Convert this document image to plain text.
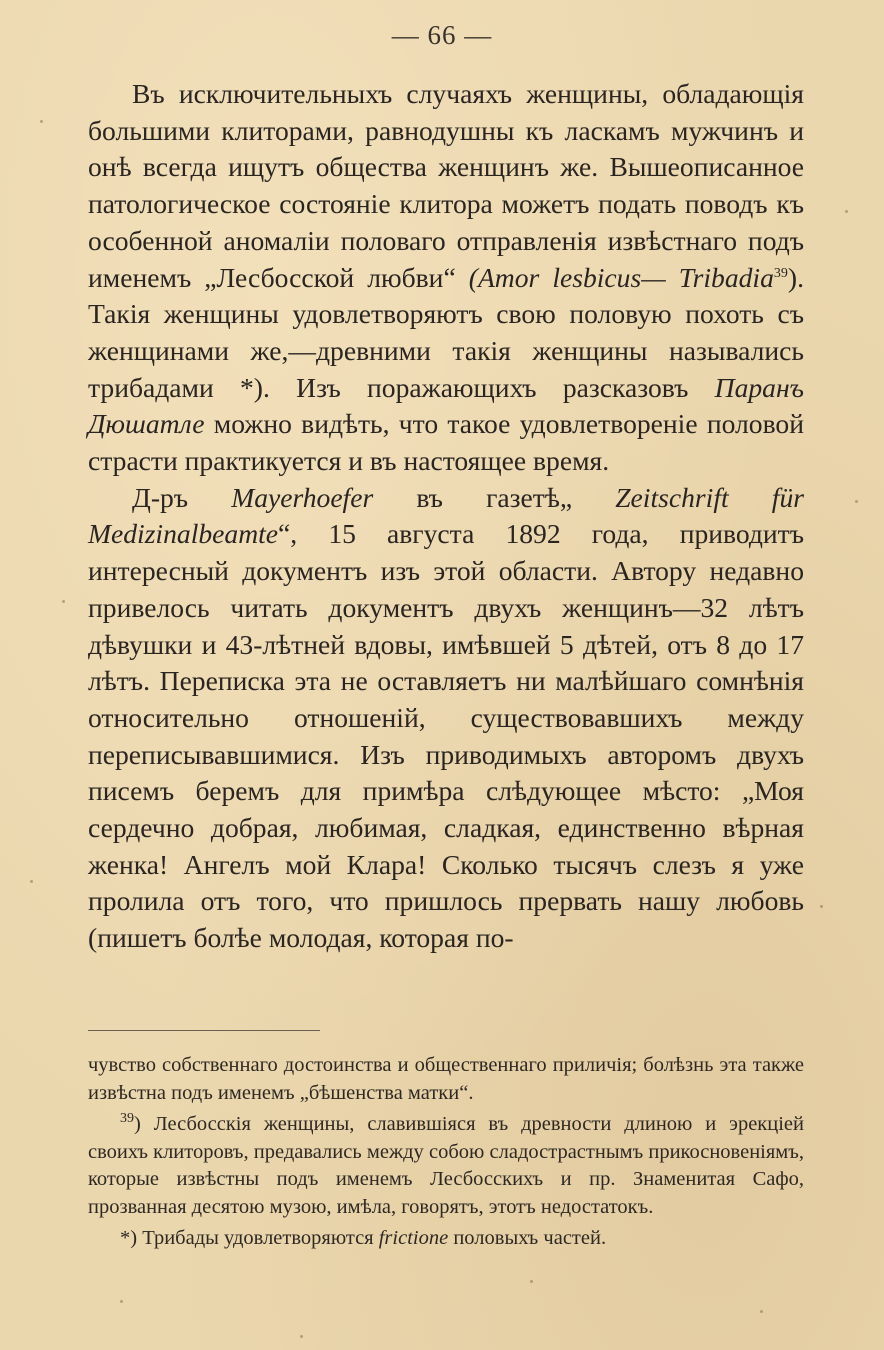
— 66 —

Въ исключительныхъ случаяхъ женщины, обладающія большими клиторами, равнодушны къ ласкамъ мужчинъ и онѣ всегда ищутъ общества женщинъ же. Вышеописанное патологическое состояніе клитора можетъ подать поводъ къ особенной аномаліи половаго отправленія извѣстнаго подъ именемъ „Лесбосской любви“ (Amor lesbicus— Tribadia$^{39}$). Такія женщины удовлетворяютъ свою половую похоть съ женщинами же,—древними такія женщины назывались трибадами *). Изъ поражающихъ разсказовъ Паранъ Дюшатле можно видѣть, что такое удовлетвореніе половой страсти практикуется и въ настоящее время.

Д-ръ Mayerhoefer въ газетѣ„ Zeitschrift für Medizinalbeamte“, 15 августа 1892 года, приводитъ интересный документъ изъ этой области. Автору недавно привелось читать документъ двухъ женщинъ—32 лѣтъ дѣвушки и 43-лѣтней вдовы, имѣвшей 5 дѣтей, отъ 8 до 17 лѣтъ. Переписка эта не оставляетъ ни малѣйшаго сомнѣнія относительно отношеній, существовавшихъ между переписывавшимися. Изъ приводимыхъ авторомъ двухъ писемъ беремъ для примѣра слѣдующее мѣсто: „Моя сердечно добрая, любимая, сладкая, единственно вѣрная женка! Ангелъ мой Клара! Сколько тысячъ слезъ я уже пролила отъ того, что пришлось прервать нашу любовь (пишетъ болѣе молодая, которая по-

чувство собственнаго достоинства и общественнаго приличія; болѣзнь эта также извѣстна подъ именемъ „бѣшенства матки“.

$^{39}$) Лесбосскія женщины, славившіяся въ древности длиною и эрекціей своихъ клиторовъ, предавались между собою сладострастнымъ прикосновеніямъ, которые извѣстны подъ именемъ Лесбосскихъ и пр. Знаменитая Сафо, прозванная десятою музою, имѣла, говорятъ, этотъ недостатокъ.

*) Трибады удовлетворяются frictione половыхъ частей.
